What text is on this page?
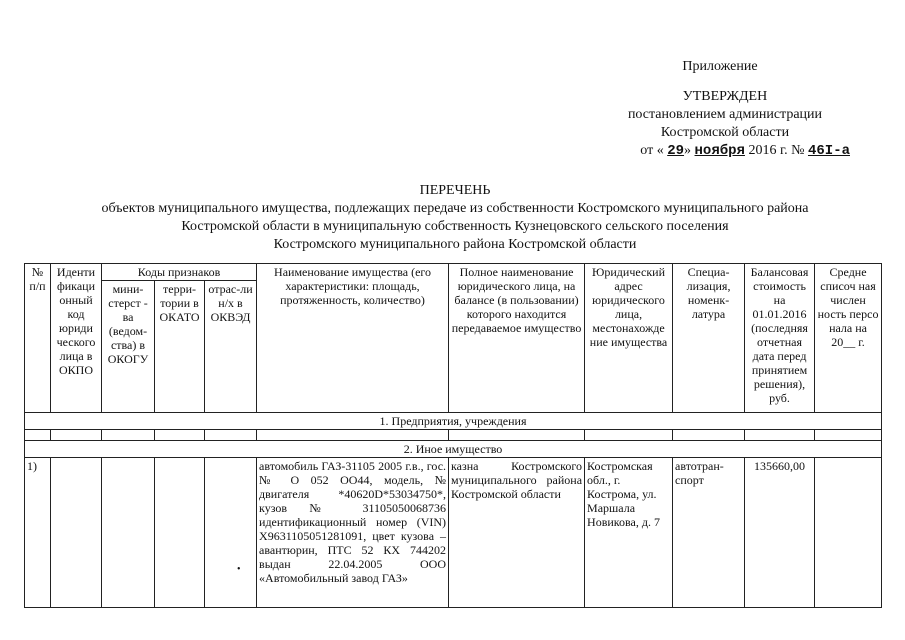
Приложение
УТВЕРЖДЕН
постановлением администрации
Костромской области
от « 29» ноября 2016 г. № 46I-а
ПЕРЕЧЕНЬ
объектов муниципального имущества, подлежащих передаче из собственности Костромского муниципального района
Костромской области в муниципальную собственность Кузнецовского сельского поселения
Костромского муниципального района Костромской области
№ п/п	Иденти фикаци онный код юриди ческого лица в ОКПО	Коды признаков			Наименование имущества (его характеристики: площадь, протяженность, количество)	Полное наименование юридического лица, на балансе (в пользовании) которого находится передаваемое имущество	Юридический адрес юридического лица, местонахожде ние имущества	Специа-лизация, номенк-латура	Балансовая стоимость на 01.01.2016 (последняя отчетная дата перед принятием решения), руб.	Средне списоч ная числен ность персо нала на 20__ г.
		мини-стерст - ва (ведом-ства) в ОКОГУ	терри-тории в ОКАТО	отрас-ли н/х в ОКВЭД						
1. Предприятия, учреждения										

2. Иное имущество										
1)					автомобиль ГАЗ-31105 2005 г.в., гос. № О 052 ОО44, модель, № двигателя *40620D*53034750*, кузов № 31105050068736 идентификационный номер (VIN) X9631105051281091, цвет кузова – авантюрин, ПТС 52 КХ 744202 выдан 22.04.2005 ООО «Автомобильный завод ГАЗ»	казна Костромского муниципального района Костромской области	Костромская обл., г. Кострома, ул. Маршала Новикова, д. 7	автотран-спорт	135660,00	
•
